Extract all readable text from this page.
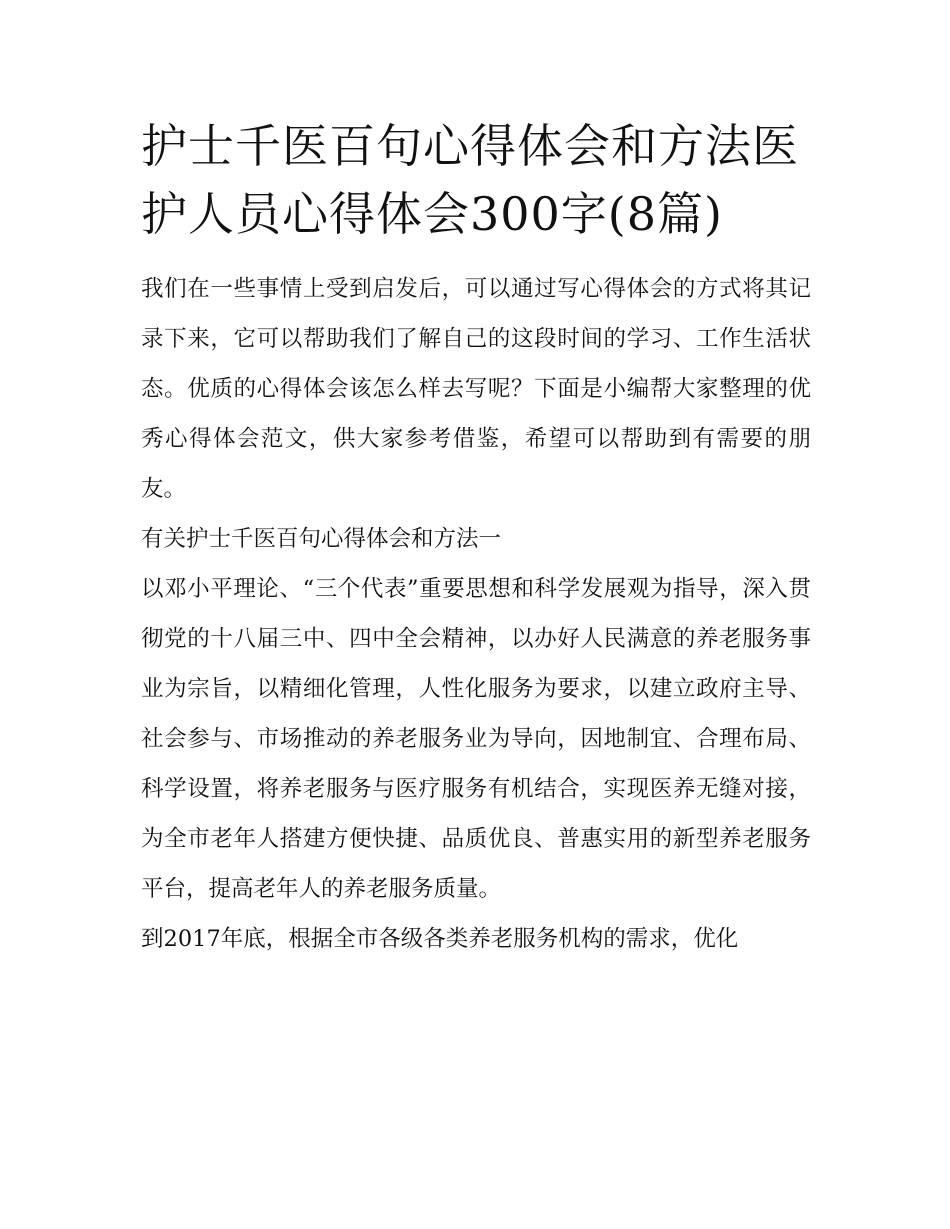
护士千医百句心得体会和方法医护人员心得体会300字(8篇)

我们在一些事情上受到启发后，可以通过写心得体会的方式将其记录下来，它可以帮助我们了解自己的这段时间的学习、工作生活状态。优质的心得体会该怎么样去写呢？下面是小编帮大家整理的优秀心得体会范文，供大家参考借鉴，希望可以帮助到有需要的朋友。

有关护士千医百句心得体会和方法一

以邓小平理论、“三个代表”重要思想和科学发展观为指导，深入贯彻党的十八届三中、四中全会精神，以办好人民满意的养老服务事业为宗旨，以精细化管理，人性化服务为要求，以建立政府主导、社会参与、市场推动的养老服务业为导向，因地制宜、合理布局、科学设置，将养老服务与医疗服务有机结合，实现医养无缝对接，为全市老年人搭建方便快捷、品质优良、普惠实用的新型养老服务平台，提高老年人的养老服务质量。

到2017年底，根据全市各级各类养老服务机构的需求，优化
